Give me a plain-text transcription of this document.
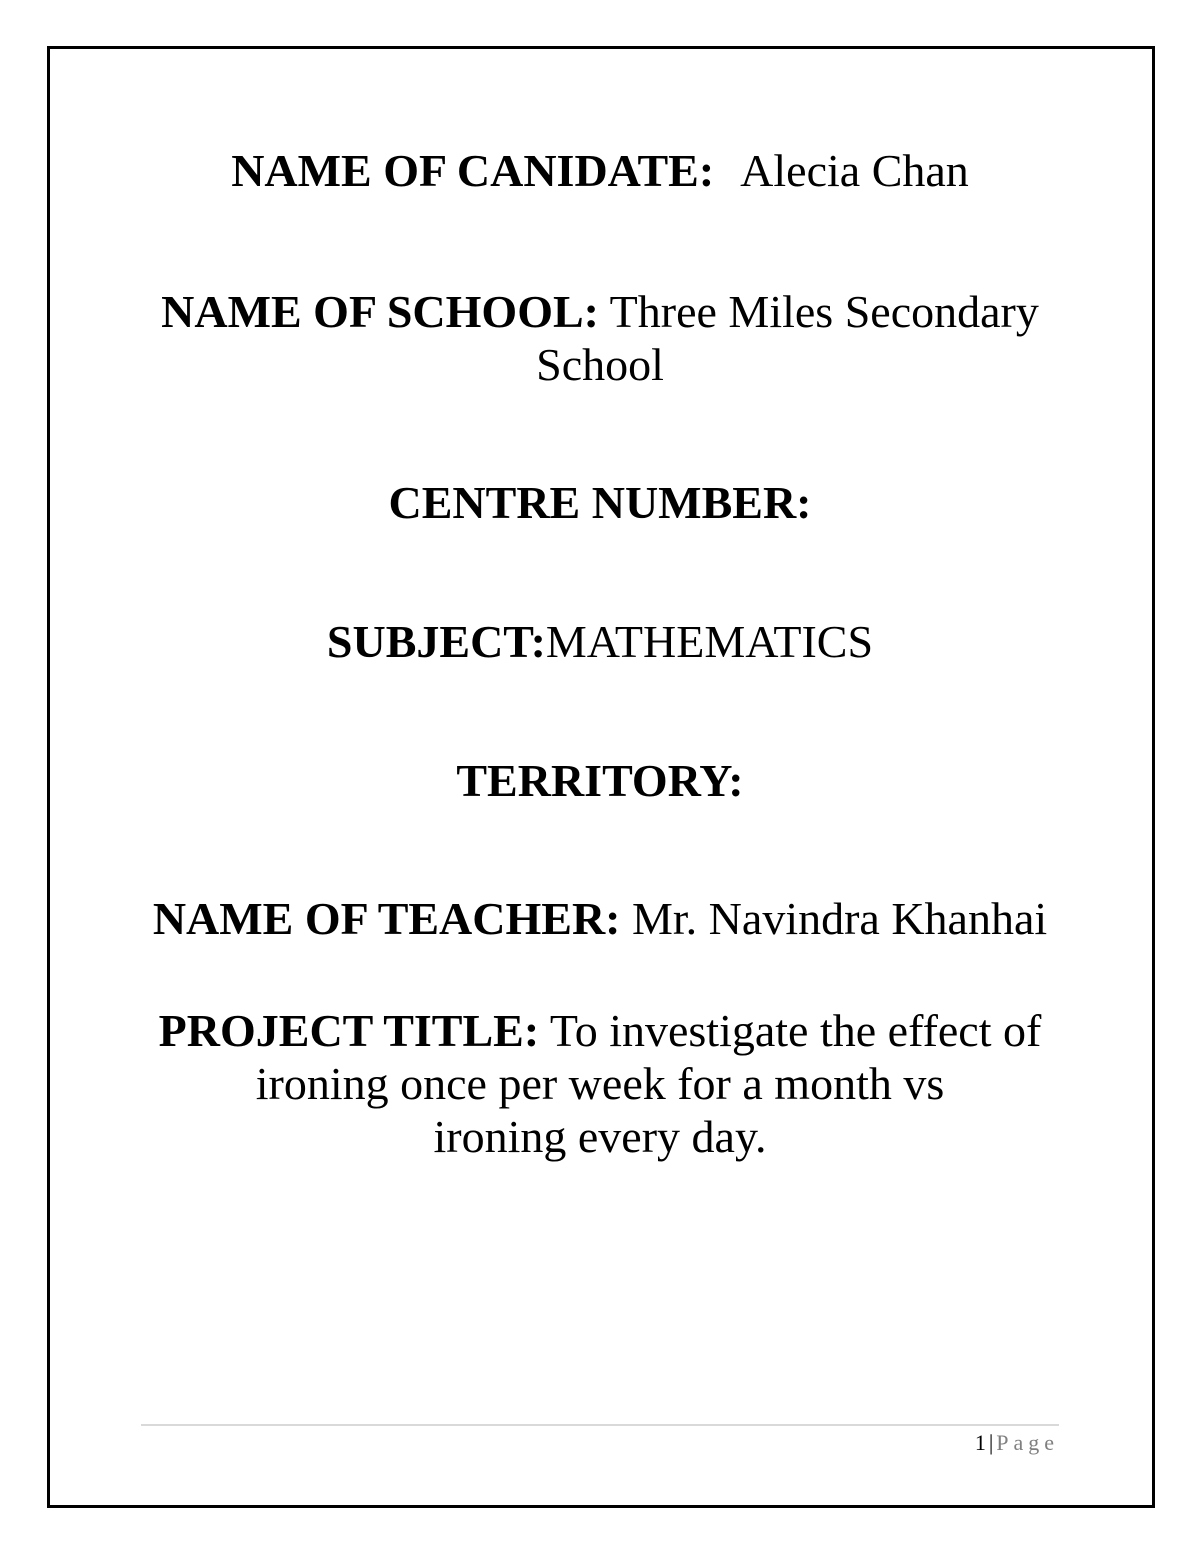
NAME OF CANIDATE: Alecia Chan
NAME OF SCHOOL: Three Miles Secondary
School
CENTRE NUMBER:
SUBJECT:MATHEMATICS
TERRITORY:
NAME OF TEACHER: Mr. Navindra Khanhai
PROJECT TITLE: To investigate the effect of
ironing once per week for a month vs
ironing every day.
1 | Page
